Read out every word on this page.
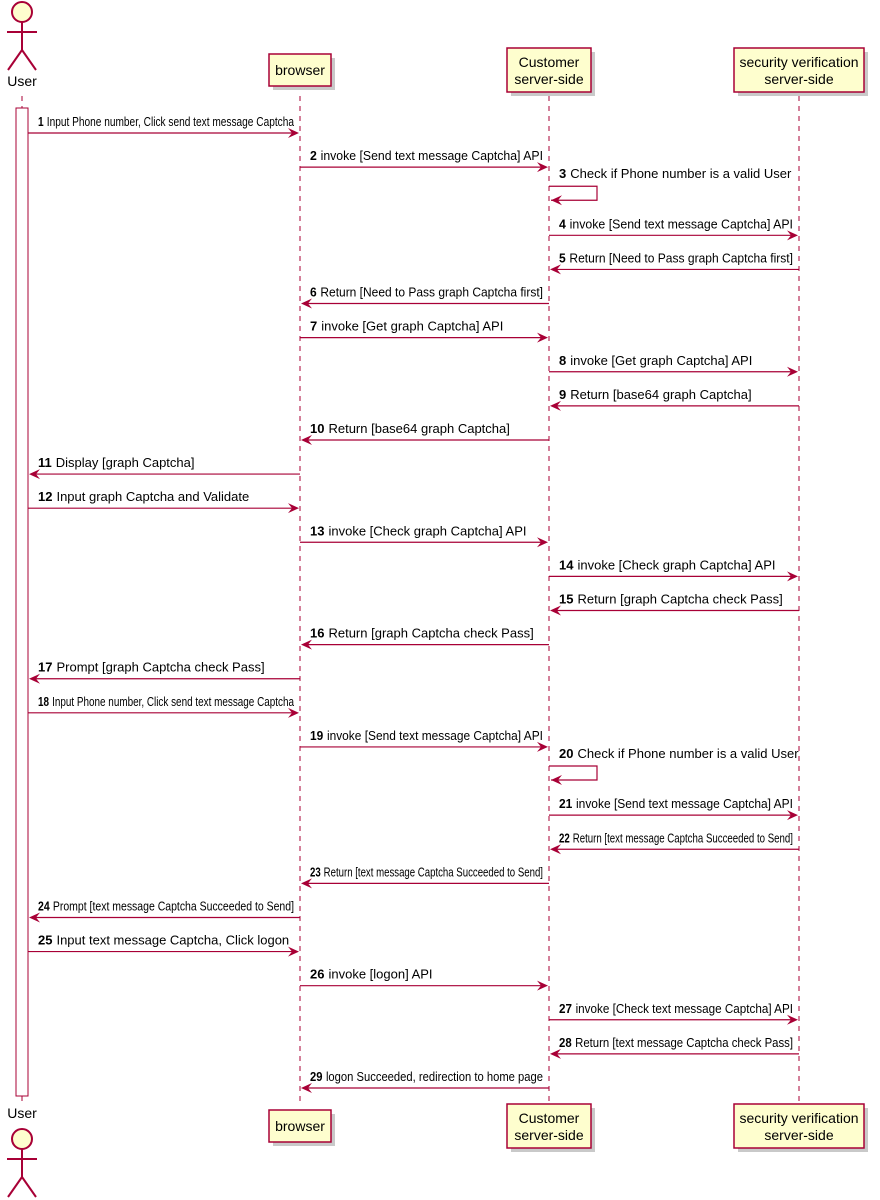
User
browser	Customer
server-side
security verification
server-side
User
browser	Customer
server-side
security verification
server-side
1 Input Phone number, Click send text message Captcha
2 invoke [Send text message Captcha] API
3 Check if Phone number is a valid User
4 invoke [Send text message Captcha] API
5 Return [Need to Pass graph Captcha first]
6 Return [Need to Pass graph Captcha first]
7 invoke [Get graph Captcha] API
8 invoke [Get graph Captcha] API
9 Return [base64 graph Captcha]
10 Return [base64 graph Captcha]
11 Display [graph Captcha]
12 Input graph Captcha and Validate
13 invoke [Check graph Captcha] API
14 invoke [Check graph Captcha] API
15 Return [graph Captcha check Pass]
16 Return [graph Captcha check Pass]
17 Prompt [graph Captcha check Pass]
18Input Phone number, Click send text message Captcha
19 invoke [Send text message Captcha] API
20 Check if Phone number is a valid User
21 invoke [Send text message Captcha] API
22Return [text message Captcha Succeeded to Send]
23Return [text message Captcha Succeeded to Send]
24Prompt [text message Captcha Succeeded to Send]
25 Input text message Captcha, Click logon
26 invoke [logon] API
27 invoke [Check text message Captcha] API
28 Return [text message Captcha check Pass]
29logon Succeeded, redirection to home page
